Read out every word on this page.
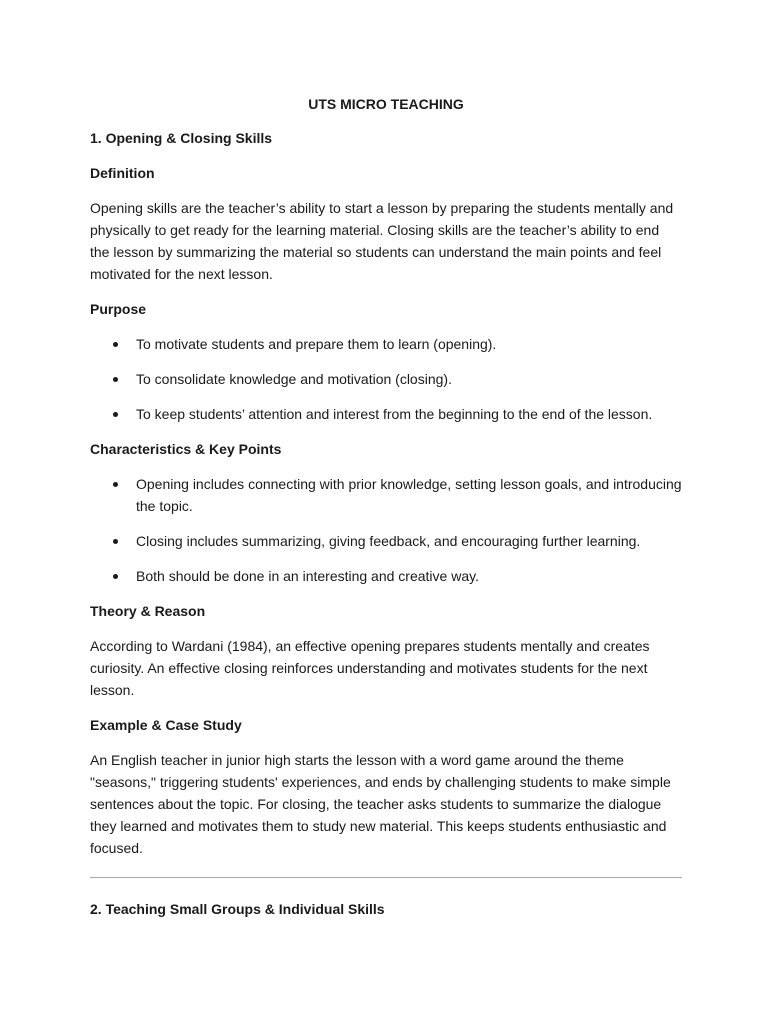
UTS MICRO TEACHING
1. Opening & Closing Skills
Definition

Opening skills are the teacher’s ability to start a lesson by preparing the students mentally and physically to get ready for the learning material. Closing skills are the teacher’s ability to end the lesson by summarizing the material so students can understand the main points and feel motivated for the next lesson.

Purpose
To motivate students and prepare them to learn (opening).
To consolidate knowledge and motivation (closing).
To keep students’ attention and interest from the beginning to the end of the lesson.
Characteristics & Key Points
Opening includes connecting with prior knowledge, setting lesson goals, and introducing the topic.
Closing includes summarizing, giving feedback, and encouraging further learning.
Both should be done in an interesting and creative way.
Theory & Reason

According to Wardani (1984), an effective opening prepares students mentally and creates curiosity. An effective closing reinforces understanding and motivates students for the next lesson.

Example & Case Study

An English teacher in junior high starts the lesson with a word game around the theme "seasons," triggering students' experiences, and ends by challenging students to make simple sentences about the topic. For closing, the teacher asks students to summarize the dialogue they learned and motivates them to study new material. This keeps students enthusiastic and focused.

2. Teaching Small Groups & Individual Skills
